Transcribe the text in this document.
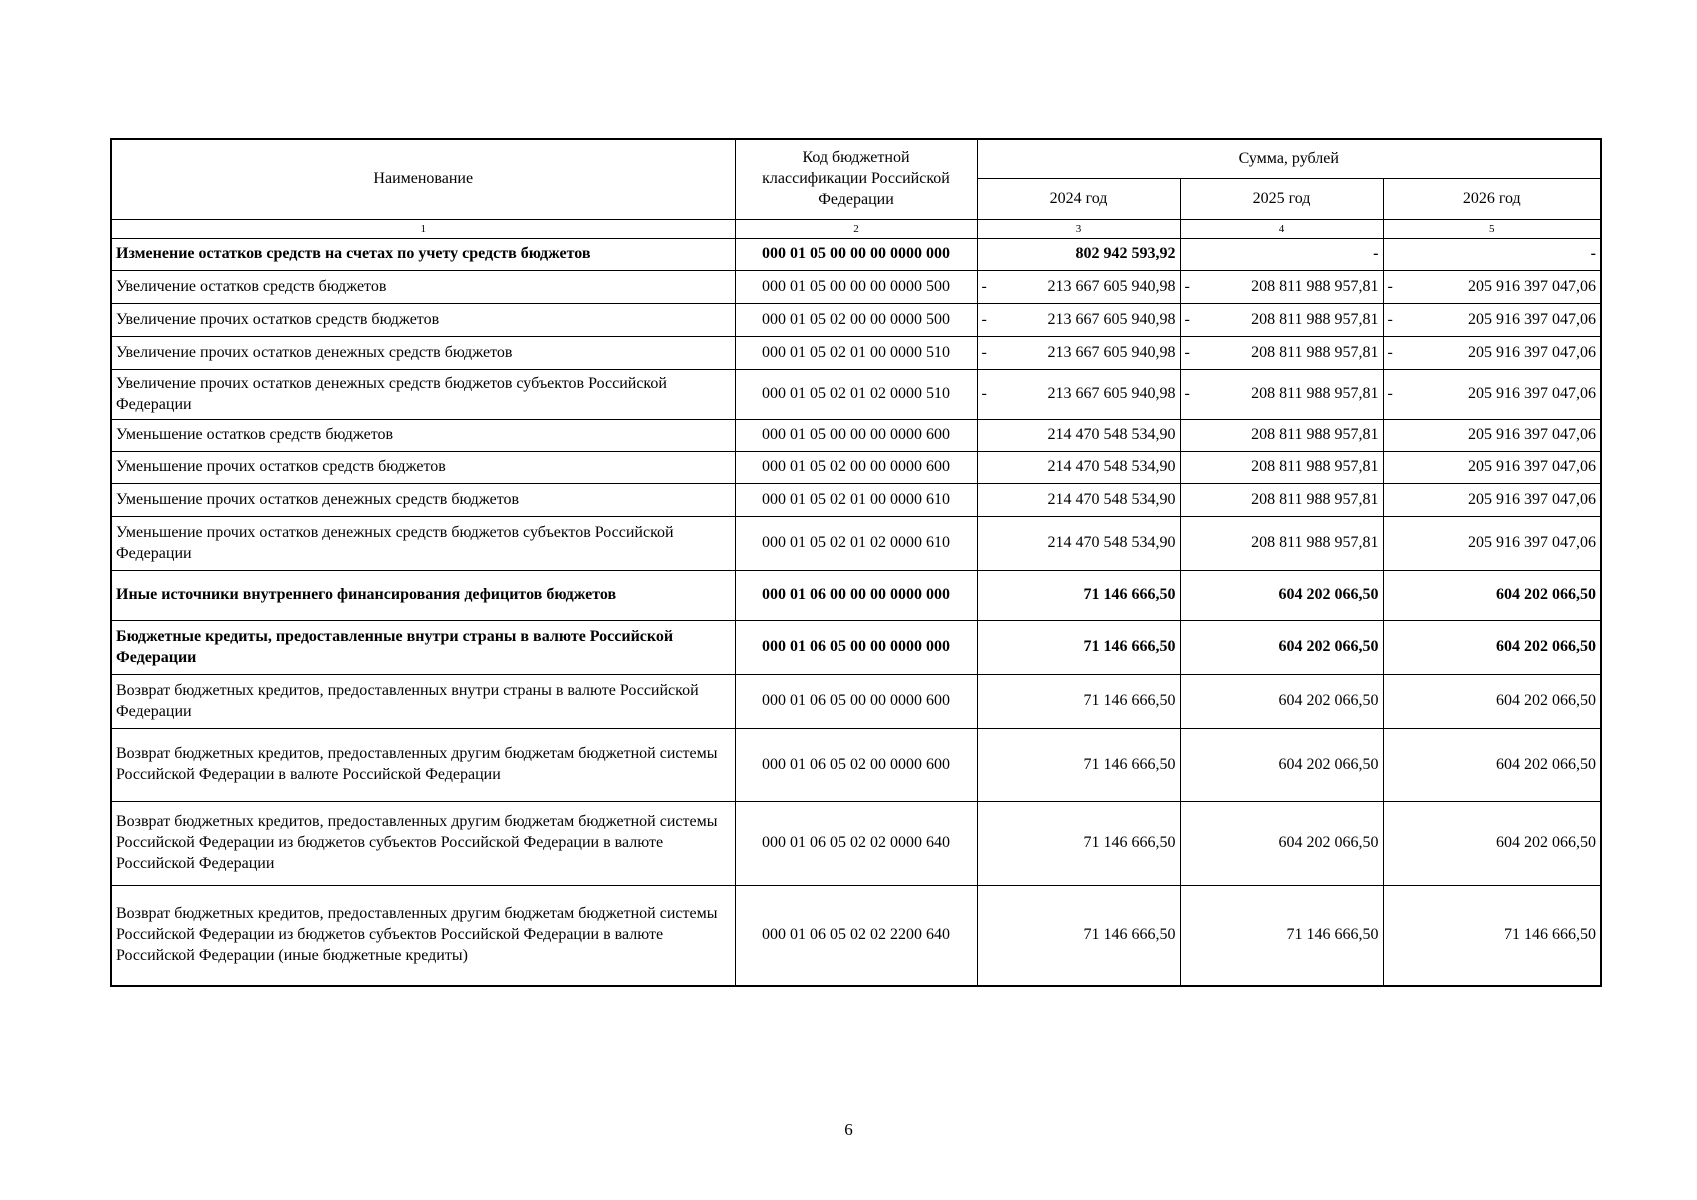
Наименование	Код бюджетной классификации Российской Федерации	Сумма, рублей		
		2024 год	2025 год	2026 год
1	2	3	4	5
Изменение остатков средств на счетах по учету средств бюджетов	000 01 05 00 00 00 0000 000	802 942 593,92	-	-
Увеличение остатков средств бюджетов	000 01 05 00 00 00 0000 500	- 213 667 605 940,98	- 208 811 988 957,81	- 205 916 397 047,06
Увеличение прочих остатков средств бюджетов	000 01 05 02 00 00 0000 500	- 213 667 605 940,98	- 208 811 988 957,81	- 205 916 397 047,06
Увеличение прочих остатков денежных средств бюджетов	000 01 05 02 01 00 0000 510	- 213 667 605 940,98	- 208 811 988 957,81	- 205 916 397 047,06
Увеличение прочих остатков денежных средств бюджетов субъектов Российской Федерации	000 01 05 02 01 02 0000 510	- 213 667 605 940,98	- 208 811 988 957,81	- 205 916 397 047,06
Уменьшение остатков средств бюджетов	000 01 05 00 00 00 0000 600	214 470 548 534,90	208 811 988 957,81	205 916 397 047,06
Уменьшение прочих остатков средств бюджетов	000 01 05 02 00 00 0000 600	214 470 548 534,90	208 811 988 957,81	205 916 397 047,06
Уменьшение прочих остатков денежных средств бюджетов	000 01 05 02 01 00 0000 610	214 470 548 534,90	208 811 988 957,81	205 916 397 047,06
Уменьшение прочих остатков денежных средств бюджетов субъектов Российской Федерации	000 01 05 02 01 02 0000 610	214 470 548 534,90	208 811 988 957,81	205 916 397 047,06
Иные источники внутреннего финансирования дефицитов бюджетов	000 01 06 00 00 00 0000 000	71 146 666,50	604 202 066,50	604 202 066,50
Бюджетные кредиты, предоставленные внутри страны в валюте Российской Федерации	000 01 06 05 00 00 0000 000	71 146 666,50	604 202 066,50	604 202 066,50
Возврат бюджетных кредитов, предоставленных внутри страны в валюте Российской Федерации	000 01 06 05 00 00 0000 600	71 146 666,50	604 202 066,50	604 202 066,50
Возврат бюджетных кредитов, предоставленных другим бюджетам бюджетной системы Российской Федерации в валюте Российской Федерации	000 01 06 05 02 00 0000 600	71 146 666,50	604 202 066,50	604 202 066,50
Возврат бюджетных кредитов, предоставленных другим бюджетам бюджетной системы Российской Федерации из бюджетов субъектов Российской Федерации в валюте Российской Федерации	000 01 06 05 02 02 0000 640	71 146 666,50	604 202 066,50	604 202 066,50
Возврат бюджетных кредитов, предоставленных другим бюджетам бюджетной системы Российской Федерации из бюджетов субъектов Российской Федерации в валюте Российской Федерации (иные бюджетные кредиты)	000 01 06 05 02 02 2200 640	71 146 666,50	71 146 666,50	71 146 666,50
6
